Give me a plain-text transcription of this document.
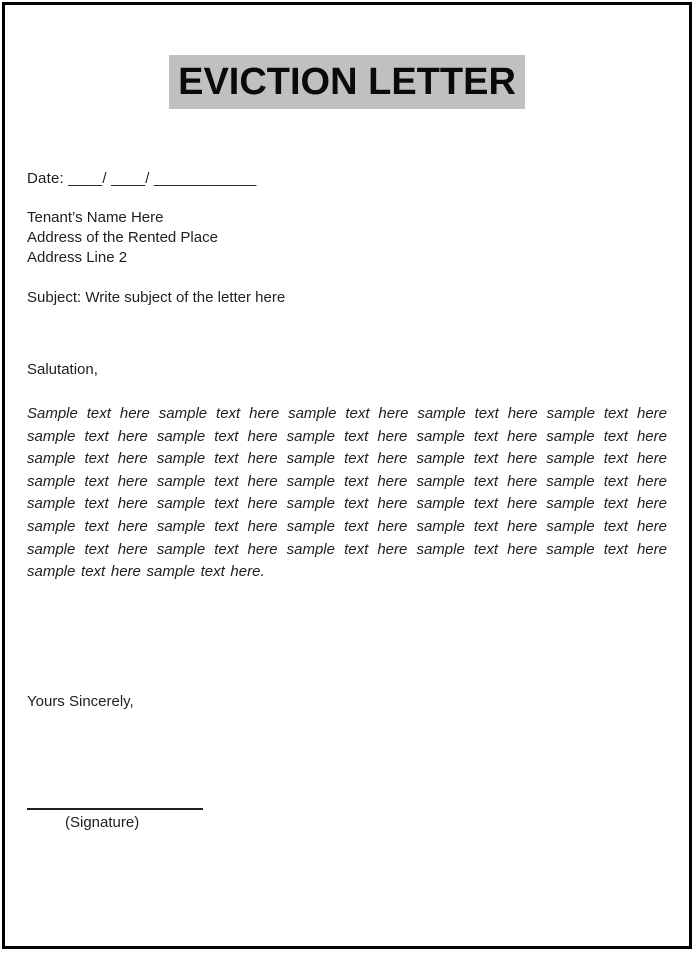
EVICTION LETTER
Date: ____/ ____/ ____________
Tenant’s Name Here
Address of the Rented Place
Address Line 2
Subject: Write subject of the letter here
Salutation,
Sample text here sample text here sample text here sample text here sample text here sample text here sample text here sample text here sample text here sample text here sample text here sample text here sample text here sample text here sample text here sample text here sample text here sample text here sample text here sample text here sample text here sample text here sample text here sample text here sample text here sample text here sample text here sample text here sample text here sample text here sample text here sample text here sample text here sample text here sample text here sample text here sample text here.
Yours Sincerely,
(Signature)
